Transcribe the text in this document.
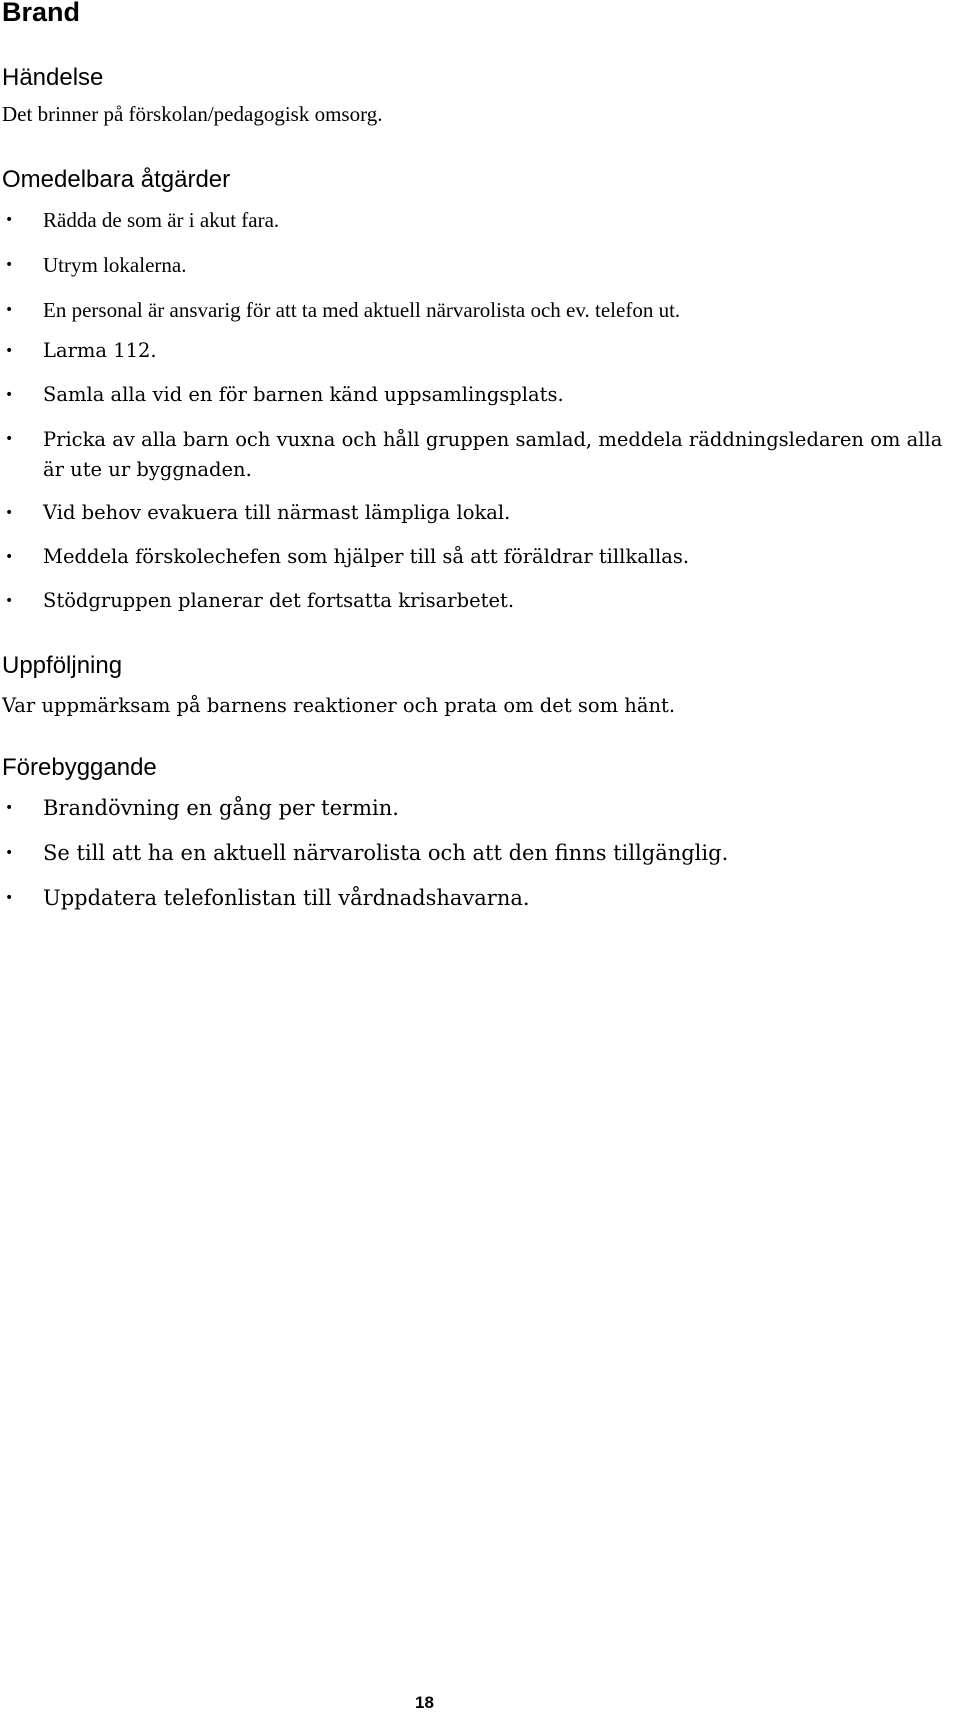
Brand
Händelse

Det brinner på förskolan/pedagogisk omsorg.

Omedelbara åtgärder
• Rädda de som är i akut fara.
• Utrym lokalerna.
• En personal är ansvarig för att ta med aktuell närvarolista och ev. telefon ut.
• Larma 112.
• Samla alla vid en för barnen känd uppsamlingsplats.
• Pricka av alla barn och vuxna och håll gruppen samlad, meddela räddningsledaren om alla är ute ur byggnaden.
• Vid behov evakuera till närmast lämpliga lokal.
• Meddela förskolechefen som hjälper till så att föräldrar tillkallas.
• Stödgruppen planerar det fortsatta krisarbetet.
Uppföljning

Var uppmärksam på barnens reaktioner och prata om det som hänt.

Förebyggande
• Brandövning en gång per termin.
• Se till att ha en aktuell närvarolista och att den finns tillgänglig.
• Uppdatera telefonlistan till vårdnadshavarna.

18
